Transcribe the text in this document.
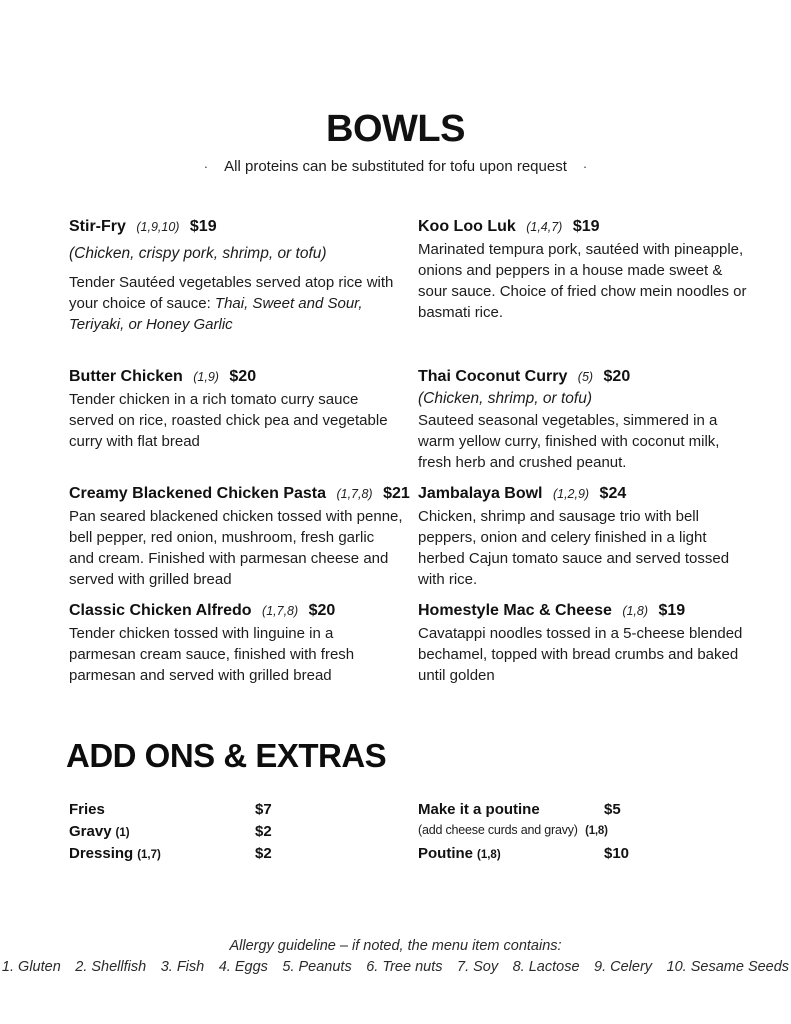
BOWLS
· All proteins can be substituted for tofu upon request ·
Stir-Fry (1,9,10) $19
(Chicken, crispy pork, shrimp, or tofu)

Tender Sautéed vegetables served atop rice with your choice of sauce: Thai, Sweet and Sour, Teriyaki, or Honey Garlic

Koo Loo Luk (1,4,7) $19

Marinated tempura pork, sautéed with pineapple, onions and peppers in a house made sweet & sour sauce. Choice of fried chow mein noodles or basmati rice.

Butter Chicken (1,9) $20

Tender chicken in a rich tomato curry sauce served on rice, roasted chick pea and vegetable curry with flat bread

Thai Coconut Curry (5) $20
(Chicken, shrimp, or tofu)

Sauteed seasonal vegetables, simmered in a warm yellow curry, finished with coconut milk, fresh herb and crushed peanut.

Creamy Blackened Chicken Pasta (1,7,8) $21

Pan seared blackened chicken tossed with penne, bell pepper, red onion, mushroom, fresh garlic and cream. Finished with parmesan cheese and served with grilled bread

Jambalaya Bowl (1,2,9) $24

Chicken, shrimp and sausage trio with bell peppers, onion and celery finished in a light herbed Cajun tomato sauce and served tossed with rice.

Classic Chicken Alfredo (1,7,8) $20

Tender chicken tossed with linguine in a parmesan cream sauce, finished with fresh parmesan and served with grilled bread

Homestyle Mac & Cheese (1,8) $19

Cavatappi noodles tossed in a 5-cheese blended bechamel, topped with bread crumbs and baked until golden

ADD ONS & EXTRAS
Fries	$7
Gravy (1)	$2
Dressing (1,7)	$2
Make it a poutine	$5
(add cheese curds and gravy) (1,8)
Poutine (1,8)	$10
Allergy guideline – if noted, the menu item contains:
1. Gluten  2. Shellfish  3. Fish  4. Eggs  5. Peanuts  6. Tree nuts  7. Soy  8. Lactose  9. Celery  10. Sesame Seeds
